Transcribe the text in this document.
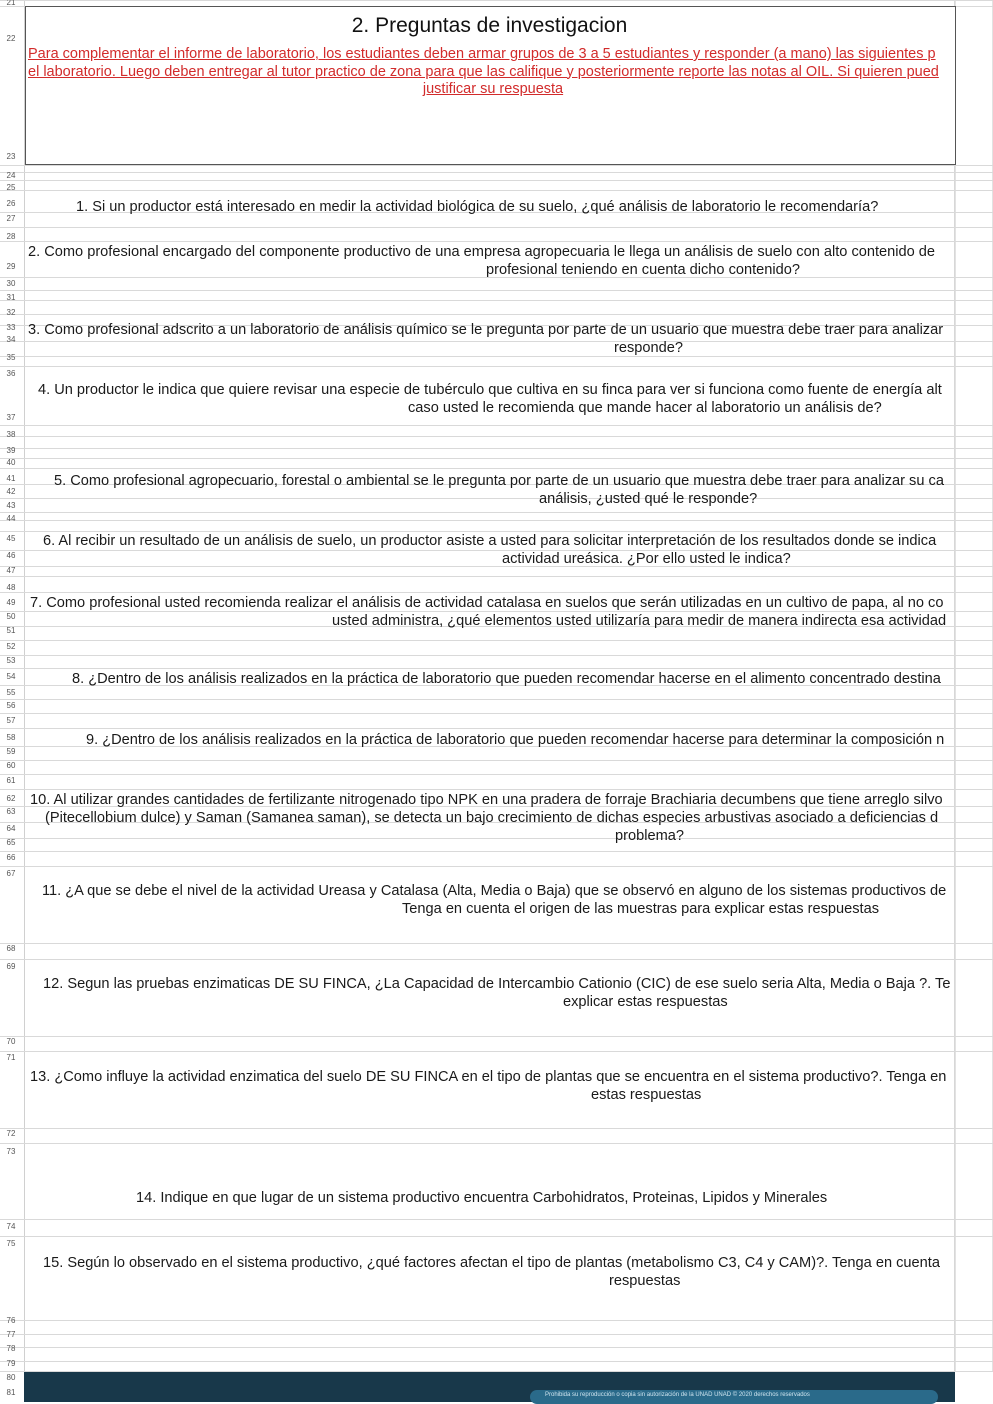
2. Preguntas de investigacion
Para complementar el informe de laboratorio, los estudiantes deben armar grupos de 3 a 5 estudiantes y responder (a mano) las siguientes p
el laboratorio. Luego deben entregar al tutor practico de zona para que las califique y posteriormente reporte las notas al OIL. Si quieren pued
justificar su respuesta
1. Si un productor está interesado en medir la actividad biológica de su suelo, ¿qué análisis de laboratorio le recomendaría?
2. Como profesional encargado del componente productivo de una empresa agropecuaria le llega un análisis de suelo con alto contenido de
profesional teniendo en cuenta dicho contenido?
3. Como profesional adscrito a un laboratorio de análisis químico se le pregunta por parte de un usuario que muestra debe traer para analizar
responde?
4. Un productor le indica que quiere revisar una especie de tubérculo que cultiva en su finca para ver si funciona como fuente de energía alt
caso usted le recomienda que mande hacer al laboratorio un análisis de?
5. Como profesional agropecuario, forestal o ambiental se le pregunta por parte de un usuario que muestra debe traer para analizar su ca
análisis, ¿usted qué le responde?
6. Al recibir un resultado de un análisis de suelo, un productor asiste a usted para solicitar interpretación de los resultados donde se indica
actividad ureásica. ¿Por ello usted le indica?
7. Como profesional usted recomienda realizar el análisis de actividad catalasa en suelos que serán utilizadas en un cultivo de papa, al no co
usted administra, ¿qué elementos usted utilizaría para medir de manera indirecta esa actividad
8. ¿Dentro de los análisis realizados en la práctica de laboratorio que pueden recomendar hacerse en el alimento concentrado destina
9. ¿Dentro de los análisis realizados en la práctica de laboratorio que pueden recomendar hacerse para determinar la composición n
10. Al utilizar grandes cantidades de fertilizante nitrogenado tipo NPK en una pradera de forraje Brachiaria decumbens que tiene arreglo silvo
(Pitecellobium dulce) y Saman (Samanea saman), se detecta un bajo crecimiento de dichas especies arbustivas asociado a deficiencias d
problema?
11. ¿A que se debe el nivel de la actividad Ureasa y Catalasa (Alta, Media o Baja) que se observó en alguno de los sistemas productivos de
Tenga en cuenta el origen de las muestras para explicar estas respuestas
12. Segun las pruebas enzimaticas DE SU FINCA, ¿La Capacidad de Intercambio Cationio (CIC) de ese suelo seria Alta, Media o Baja ?. Te
explicar estas respuestas
13. ¿Como influye la actividad enzimatica del suelo DE SU FINCA en el tipo de plantas que se encuentra en el sistema productivo?. Tenga en
estas respuestas
14. Indique en que lugar de un sistema productivo encuentra Carbohidratos, Proteinas, Lipidos y Minerales
15. Según lo observado en el sistema productivo, ¿qué factores afectan el tipo de plantas (metabolismo C3, C4 y CAM)?. Tenga en cuenta
respuestas
21
22
23
24
25
26
27
28
29
30
31
32
33
34
35
36
37
38
39
40
41
42
43
44
45
46
47
48
49
50
51
52
53
54
55
56
57
58
59
60
61
62
63
64
65
66
67
68
69
70
71
72
73
74
75
76
77
78
79
80
81	Prohibida su reproducción o copia sin autorización de la UNAD UNAD © 2020 derechos reservados
